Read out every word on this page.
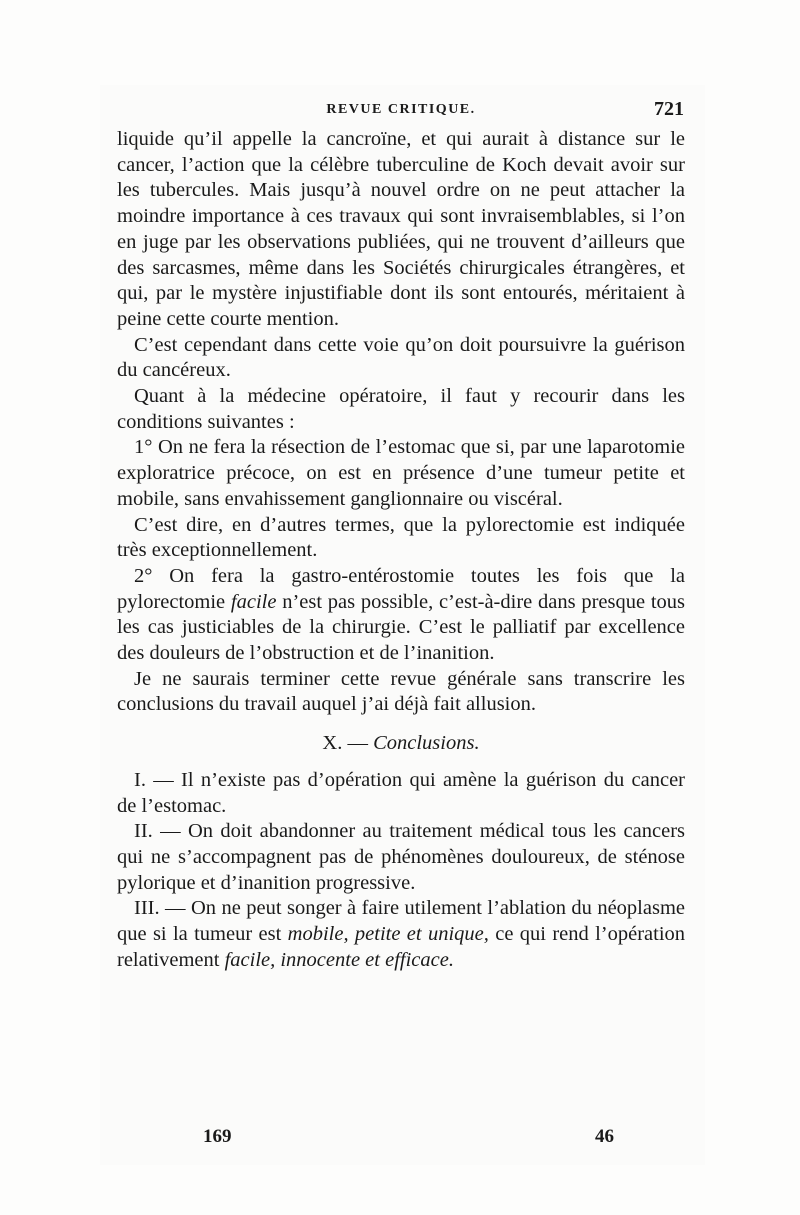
REVUE CRITIQUE.	721

liquide qu’il appelle la cancroïne, et qui aurait à distance sur le cancer, l’action que la célèbre tuberculine de Koch devait avoir sur les tubercules. Mais jusqu’à nouvel ordre on ne peut attacher la moindre importance à ces travaux qui sont invraisemblables, si l’on en juge par les observations publiées, qui ne trouvent d’ailleurs que des sarcasmes, même dans les Sociétés chirurgicales étrangères, et qui, par le mystère injustifiable dont ils sont entourés, méritaient à peine cette courte mention.

C’est cependant dans cette voie qu’on doit poursuivre la guérison du cancéreux.

Quant à la médecine opératoire, il faut y recourir dans les conditions suivantes :

1° On ne fera la résection de l’estomac que si, par une laparotomie exploratrice précoce, on est en présence d’une tumeur petite et mobile, sans envahissement ganglionnaire ou viscéral.

C’est dire, en d’autres termes, que la pylorectomie est indiquée très exceptionnellement.

2° On fera la gastro-entérostomie toutes les fois que la pylorectomie facile n’est pas possible, c’est-à-dire dans presque tous les cas justiciables de la chirurgie. C’est le palliatif par excellence des douleurs de l’obstruction et de l’inanition.

Je ne saurais terminer cette revue générale sans transcrire les conclusions du travail auquel j’ai déjà fait allusion.

X. — Conclusions.

I. — Il n’existe pas d’opération qui amène la guérison du cancer de l’estomac.

II. — On doit abandonner au traitement médical tous les cancers qui ne s’accompagnent pas de phénomènes douloureux, de sténose pylorique et d’inanition progressive.

III. — On ne peut songer à faire utilement l’ablation du néoplasme que si la tumeur est mobile, petite et unique, ce qui rend l’opération relativement facile, innocente et efficace.

169	46
